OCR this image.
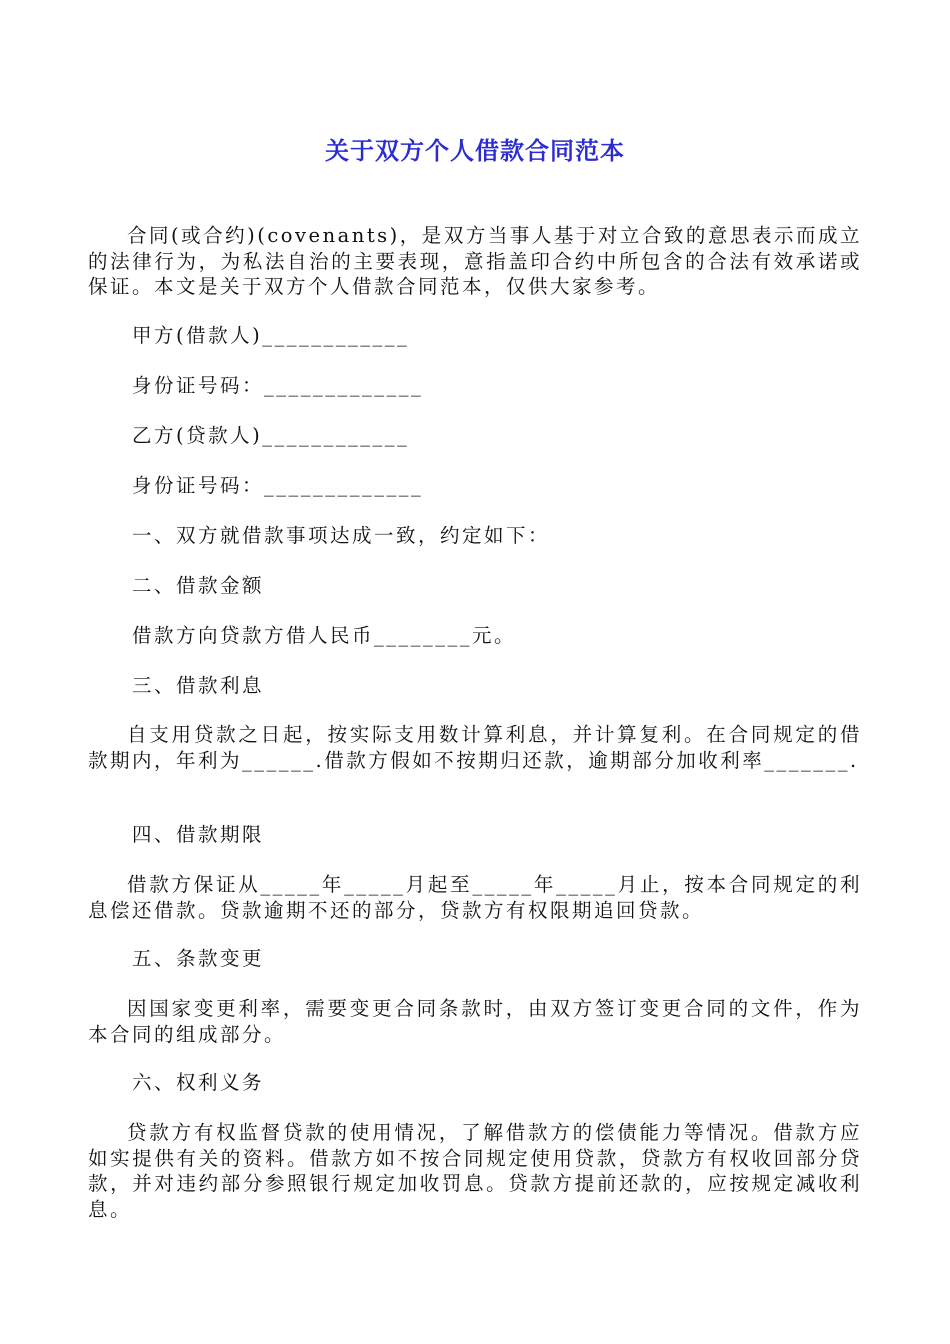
关于双方个人借款合同范本

合同(或合约)(covenants)，是双方当事人基于对立合致的意思表示而成立的法律行为，为私法自治的主要表现，意指盖印合约中所包含的合法有效承诺或保证。本文是关于双方个人借款合同范本，仅供大家参考。

甲方(借款人)____________

身份证号码：_____________

乙方(贷款人)____________

身份证号码：_____________

一、双方就借款事项达成一致，约定如下：

二、借款金额

借款方向贷款方借人民币________元。

三、借款利息

自支用贷款之日起，按实际支用数计算利息，并计算复利。在合同规定的借款期内，年利为______.借款方假如不按期归还款，逾期部分加收利率_______.

四、借款期限

借款方保证从_____年_____月起至_____年_____月止，按本合同规定的利息偿还借款。贷款逾期不还的部分，贷款方有权限期追回贷款。

五、条款变更

因国家变更利率，需要变更合同条款时，由双方签订变更合同的文件，作为本合同的组成部分。

六、权利义务

贷款方有权监督贷款的使用情况，了解借款方的偿债能力等情况。借款方应如实提供有关的资料。借款方如不按合同规定使用贷款，贷款方有权收回部分贷款，并对违约部分参照银行规定加收罚息。贷款方提前还款的，应按规定减收利息。
